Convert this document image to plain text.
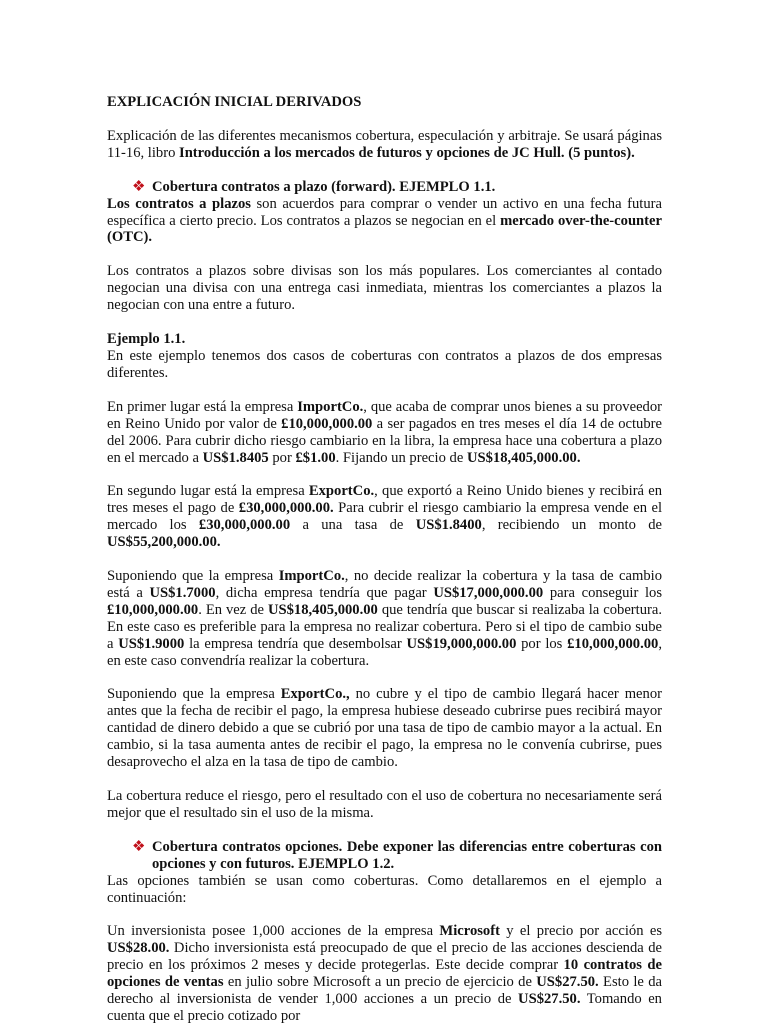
EXPLICACIÓN INICIAL DERIVADOS
Explicación de las diferentes mecanismos cobertura, especulación y arbitraje. Se usará páginas 11-16, libro Introducción a los mercados de futuros y opciones de JC Hull. (5 puntos).
❖ Cobertura contratos a plazo (forward). EJEMPLO 1.1.
Los contratos a plazos son acuerdos para comprar o vender un activo en una fecha futura específica a cierto precio. Los contratos a plazos se negocian en el mercado over-the-counter (OTC).
Los contratos a plazos sobre divisas son los más populares. Los comerciantes al contado negocian una divisa con una entrega casi inmediata, mientras los comerciantes a plazos la negocian con una entre a futuro.
Ejemplo 1.1.
En este ejemplo tenemos dos casos de coberturas con contratos a plazos de dos empresas diferentes.
En primer lugar está la empresa ImportCo., que acaba de comprar unos bienes a su proveedor en Reino Unido por valor de £10,000,000.00 a ser pagados en tres meses el día 14 de octubre del 2006. Para cubrir dicho riesgo cambiario en la libra, la empresa hace una cobertura a plazo en el mercado a US$1.8405 por £$1.00. Fijando un precio de US$18,405,000.00.
En segundo lugar está la empresa ExportCo., que exportó a Reino Unido bienes y recibirá en tres meses el pago de £30,000,000.00. Para cubrir el riesgo cambiario la empresa vende en el mercado los £30,000,000.00 a una tasa de US$1.8400, recibiendo un monto de US$55,200,000.00.
Suponiendo que la empresa ImportCo., no decide realizar la cobertura y la tasa de cambio está a US$1.7000, dicha empresa tendría que pagar US$17,000,000.00 para conseguir los £10,000,000.00. En vez de US$18,405,000.00 que tendría que buscar si realizaba la cobertura. En este caso es preferible para la empresa no realizar cobertura. Pero si el tipo de cambio sube a US$1.9000 la empresa tendría que desembolsar US$19,000,000.00 por los £10,000,000.00, en este caso convendría realizar la cobertura.
Suponiendo que la empresa ExportCo., no cubre y el tipo de cambio llegará hacer menor antes que la fecha de recibir el pago, la empresa hubiese deseado cubrirse pues recibirá mayor cantidad de dinero debido a que se cubrió por una tasa de tipo de cambio mayor a la actual. En cambio, si la tasa aumenta antes de recibir el pago, la empresa no le convenía cubrirse, pues desaprovecho el alza en la tasa de tipo de cambio.
La cobertura reduce el riesgo, pero el resultado con el uso de cobertura no necesariamente será mejor que el resultado sin el uso de la misma.
❖ Cobertura contratos opciones. Debe exponer las diferencias entre coberturas con opciones y con futuros. EJEMPLO 1.2.
Las opciones también se usan como coberturas. Como detallaremos en el ejemplo a continuación:
Un inversionista posee 1,000 acciones de la empresa Microsoft y el precio por acción es US$28.00. Dicho inversionista está preocupado de que el precio de las acciones descienda de precio en los próximos 2 meses y decide protegerlas. Este decide comprar 10 contratos de opciones de ventas en julio sobre Microsoft a un precio de ejercicio de US$27.50. Esto le da derecho al inversionista de vender 1,000 acciones a un precio de US$27.50. Tomando en cuenta que el precio cotizado por
